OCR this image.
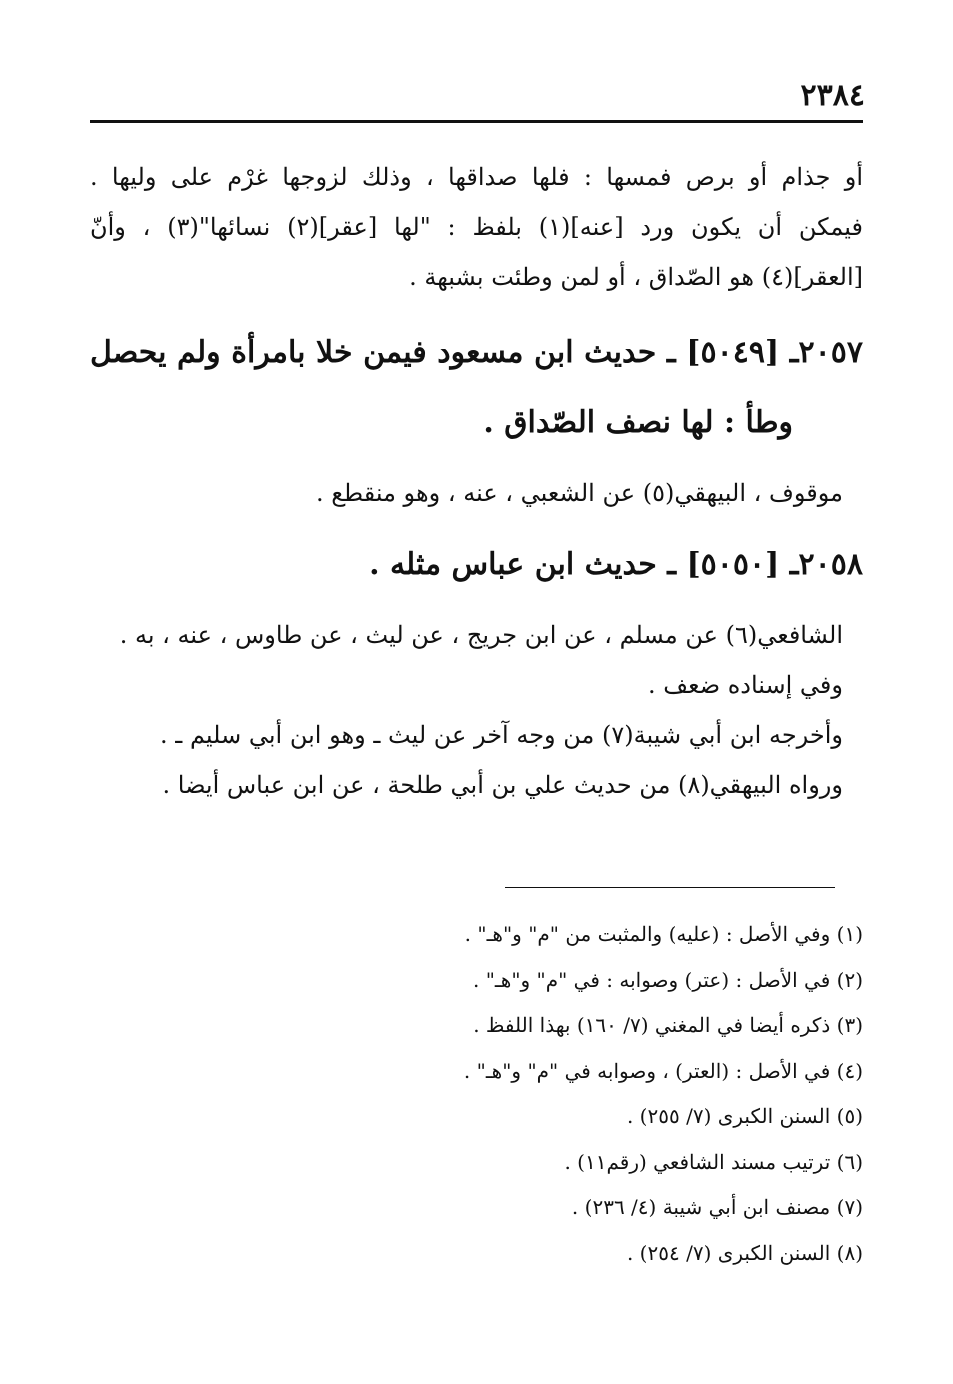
٢٣٨٤
أو جذام أو برص فمسها : فلها صداقها ، وذلك لزوجها غرْم على وليها .
فيمكن أن يكون ورد [عنه](١) بلفظ : "لها [عقر](٢) نسائها"(٣) ، وأنّ
[العقر](٤) هو الصّداق ، أو لمن وطئت بشبهة .
٢٠٥٧ـ [٥٠٤٩] ـ حديث ابن مسعود فيمن خلا بامرأة ولم يحصل
وطأ : لها نصف الصّداق .
موقوف ، البيهقي(٥) عن الشعبي ، عنه ، وهو منقطع .
٢٠٥٨ـ [٥٠٥٠] ـ حديث ابن عباس مثله .
الشافعي(٦) عن مسلم ، عن ابن جريج ، عن ليث ، عن طاوس ، عنه ، به .
وفي إسناده ضعف .
وأخرجه ابن أبي شيبة(٧) من وجه آخر عن ليث ـ وهو ابن أبي سليم ـ .
ورواه البيهقي(٨) من حديث علي بن أبي طلحة ، عن ابن عباس أيضا .
(١) وفي الأصل : (عليه) والمثبت من "م" و"هـ" .
(٢) في الأصل : (عتر) وصوابه : في "م" و"هـ" .
(٣) ذكره أيضا في المغني (٧/ ١٦٠) بهذا اللفظ .
(٤) في الأصل : (العتر) ، وصوابه في "م" و"هـ" .
(٥) السنن الكبرى (٧/ ٢٥٥) .
(٦) ترتيب مسند الشافعي (رقم١١) .
(٧) مصنف ابن أبي شيبة (٤/ ٢٣٦) .
(٨) السنن الكبرى (٧/ ٢٥٤) .
